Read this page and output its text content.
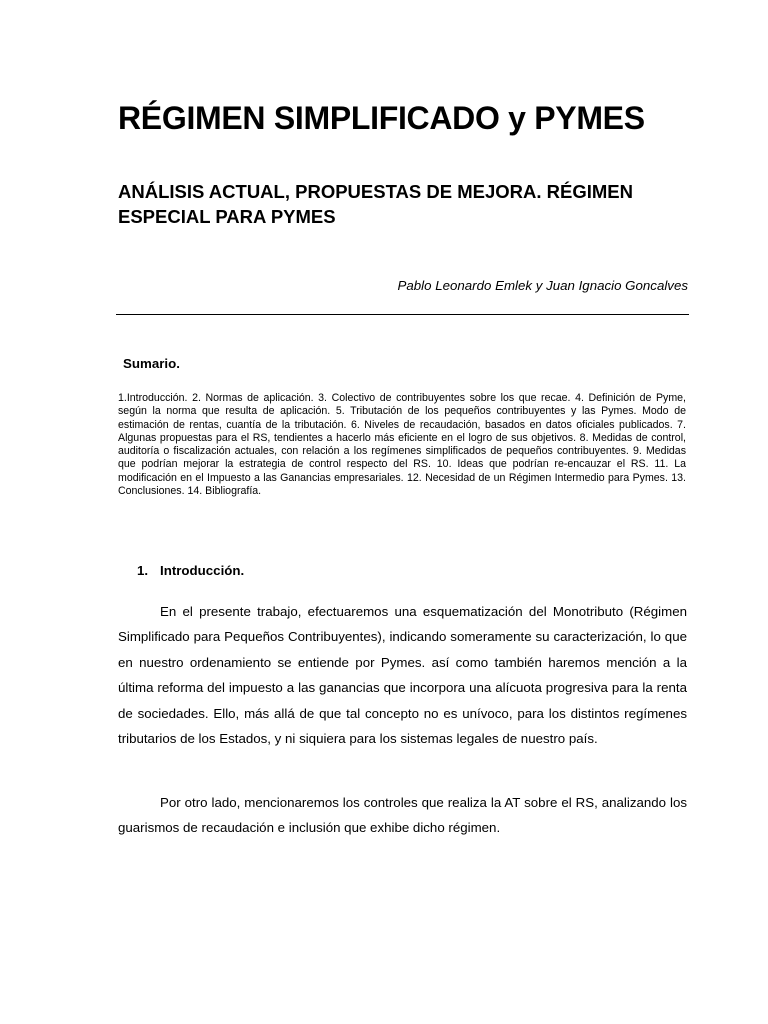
RÉGIMEN SIMPLIFICADO y PYMES
ANÁLISIS ACTUAL, PROPUESTAS DE MEJORA. RÉGIMEN ESPECIAL PARA PYMES

Pablo Leonardo Emlek y Juan Ignacio Goncalves

Sumario.

1.Introducción. 2. Normas de aplicación. 3. Colectivo de contribuyentes sobre los que recae. 4. Definición de Pyme, según la norma que resulta de aplicación. 5. Tributación de los pequeños contribuyentes y las Pymes. Modo de estimación de rentas, cuantía de la tributación. 6. Niveles de recaudación, basados en datos oficiales publicados. 7. Algunas propuestas para el RS, tendientes a hacerlo más eficiente en el logro de sus objetivos. 8. Medidas de control, auditoría o fiscalización actuales, con relación a los regímenes simplificados de pequeños contribuyentes. 9. Medidas que podrían mejorar la estrategia de control respecto del RS. 10. Ideas que podrían re-encauzar el RS. 11. La modificación en el Impuesto a las Ganancias empresariales. 12. Necesidad de un Régimen Intermedio para Pymes. 13. Conclusiones. 14. Bibliografía.

1. Introducción.

En el presente trabajo, efectuaremos una esquematización del Monotributo (Régimen Simplificado para Pequeños Contribuyentes), indicando someramente su caracterización, lo que en nuestro ordenamiento se entiende por Pymes. así como también haremos mención a la última reforma del impuesto a las ganancias que incorpora una alícuota progresiva para la renta de sociedades. Ello, más allá de que tal concepto no es unívoco, para los distintos regímenes tributarios de los Estados, y ni siquiera para los sistemas legales de nuestro país.

Por otro lado, mencionaremos los controles que realiza la AT sobre el RS, analizando los guarismos de recaudación e inclusión que exhibe dicho régimen.
